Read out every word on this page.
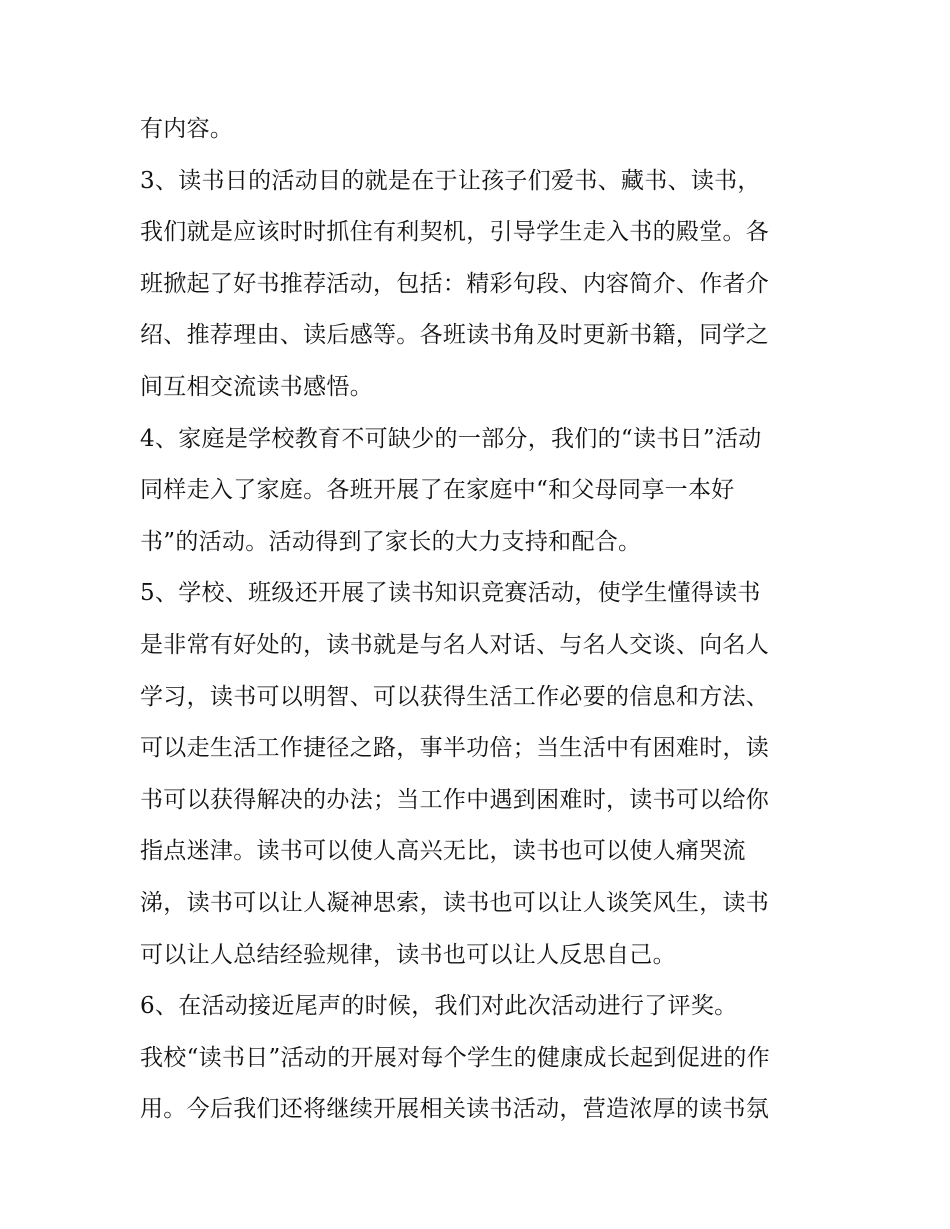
有内容。
3、读书日的活动目的就是在于让孩子们爱书、藏书、读书，
我们就是应该时时抓住有利契机，引导学生走入书的殿堂。各
班掀起了好书推荐活动，包括：精彩句段、内容简介、作者介
绍、推荐理由、读后感等。各班读书角及时更新书籍，同学之
间互相交流读书感悟。
4、家庭是学校教育不可缺少的一部分，我们的“读书日”活动
同样走入了家庭。各班开展了在家庭中“和父母同享一本好
书”的活动。活动得到了家长的大力支持和配合。
5、学校、班级还开展了读书知识竞赛活动，使学生懂得读书
是非常有好处的，读书就是与名人对话、与名人交谈、向名人
学习，读书可以明智、可以获得生活工作必要的信息和方法、
可以走生活工作捷径之路，事半功倍；当生活中有困难时，读
书可以获得解决的办法；当工作中遇到困难时，读书可以给你
指点迷津。读书可以使人高兴无比，读书也可以使人痛哭流
涕，读书可以让人凝神思索，读书也可以让人谈笑风生，读书
可以让人总结经验规律，读书也可以让人反思自己。
6、在活动接近尾声的时候，我们对此次活动进行了评奖。
我校“读书日”活动的开展对每个学生的健康成长起到促进的作
用。今后我们还将继续开展相关读书活动，营造浓厚的读书氛
